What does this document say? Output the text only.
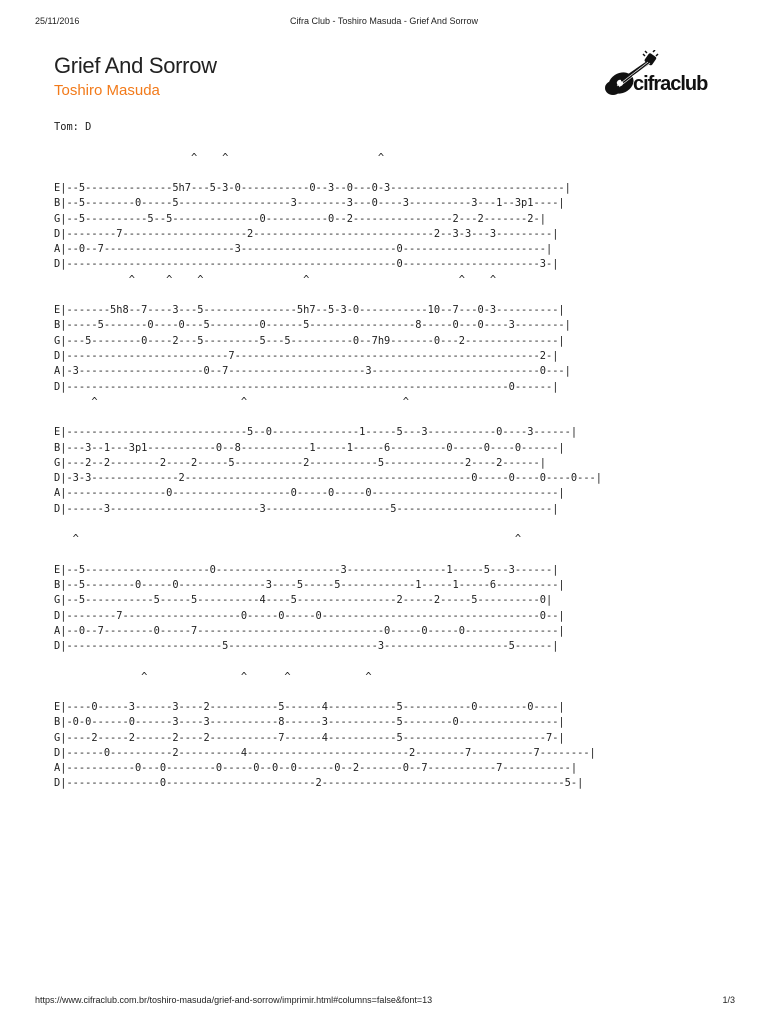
25/11/2016	Cifra Club - Toshiro Masuda - Grief And Sorrow
Grief And Sorrow
Toshiro Masuda	cifraclub
Tom: D

^    ^                        ^

E|--5--------------5h7---5-3-0-----------0--3--0---0-3----------------------------|
B|--5--------0-----5------------------3--------3---0----3----------3---1--3p1----|
G|--5----------5--5--------------0----------0--2----------------2---2-------2-|
D|--------7--------------------2-----------------------------2--3-3---3---------|
A|--0--7---------------------3-------------------------0-----------------------|
D|-----------------------------------------------------0----------------------3-|
^     ^    ^                ^                        ^    ^

E|-------5h8--7----3---5---------------5h7--5-3-0-----------10--7---0-3----------|
B|-----5-------0----0---5--------0------5-----------------8-----0---0----3--------|
G|---5--------0----2---5---------5---5----------0--7h9-------0---2---------------|
D|--------------------------7-------------------------------------------------2-|
A|-3--------------------0--7----------------------3---------------------------0---|
D|-----------------------------------------------------------------------0------|
^                       ^                         ^

E|-----------------------------5--0--------------1-----5---3-----------0----3------|
B|---3--1---3p1-----------0--8-----------1-----1-----6---------0-----0----0------|
G|---2--2--------2----2-----5-----------2-----------5-------------2----2------|
D|-3-3--------------2----------------------------------------------0-----0----0----0---|
A|----------------0-------------------0-----0-----0------------------------------|
D|------3------------------------3--------------------5-------------------------|

^                                                                      ^

E|--5--------------------0--------------------3----------------1-----5---3------|
B|--5--------0-----0--------------3----5-----5------------1-----1-----6----------|
G|--5-----------5-----5----------4----5----------------2-----2-----5----------0|
D|--------7-------------------0-----0-----0-----------------------------------0--|
A|--0--7--------0-----7------------------------------0-----0-----0---------------|
D|-------------------------5------------------------3--------------------5------|

^               ^      ^            ^

E|----0-----3------3----2-----------5------4-----------5-----------0--------0----|
B|-0-0------0------3----3-----------8------3-----------5--------0----------------|
G|----2-----2------2----2-----------7------4-----------5-----------------------7-|
D|------0----------2----------4--------------------------2--------7----------7--------|
A|-----------0---0--------0-----0--0--0------0--2-------0--7-----------7-----------|
D|---------------0------------------------2---------------------------------------5-|
https://www.cifraclub.com.br/toshiro-masuda/grief-and-sorrow/imprimir.html#columns=false&font=13	1/3
